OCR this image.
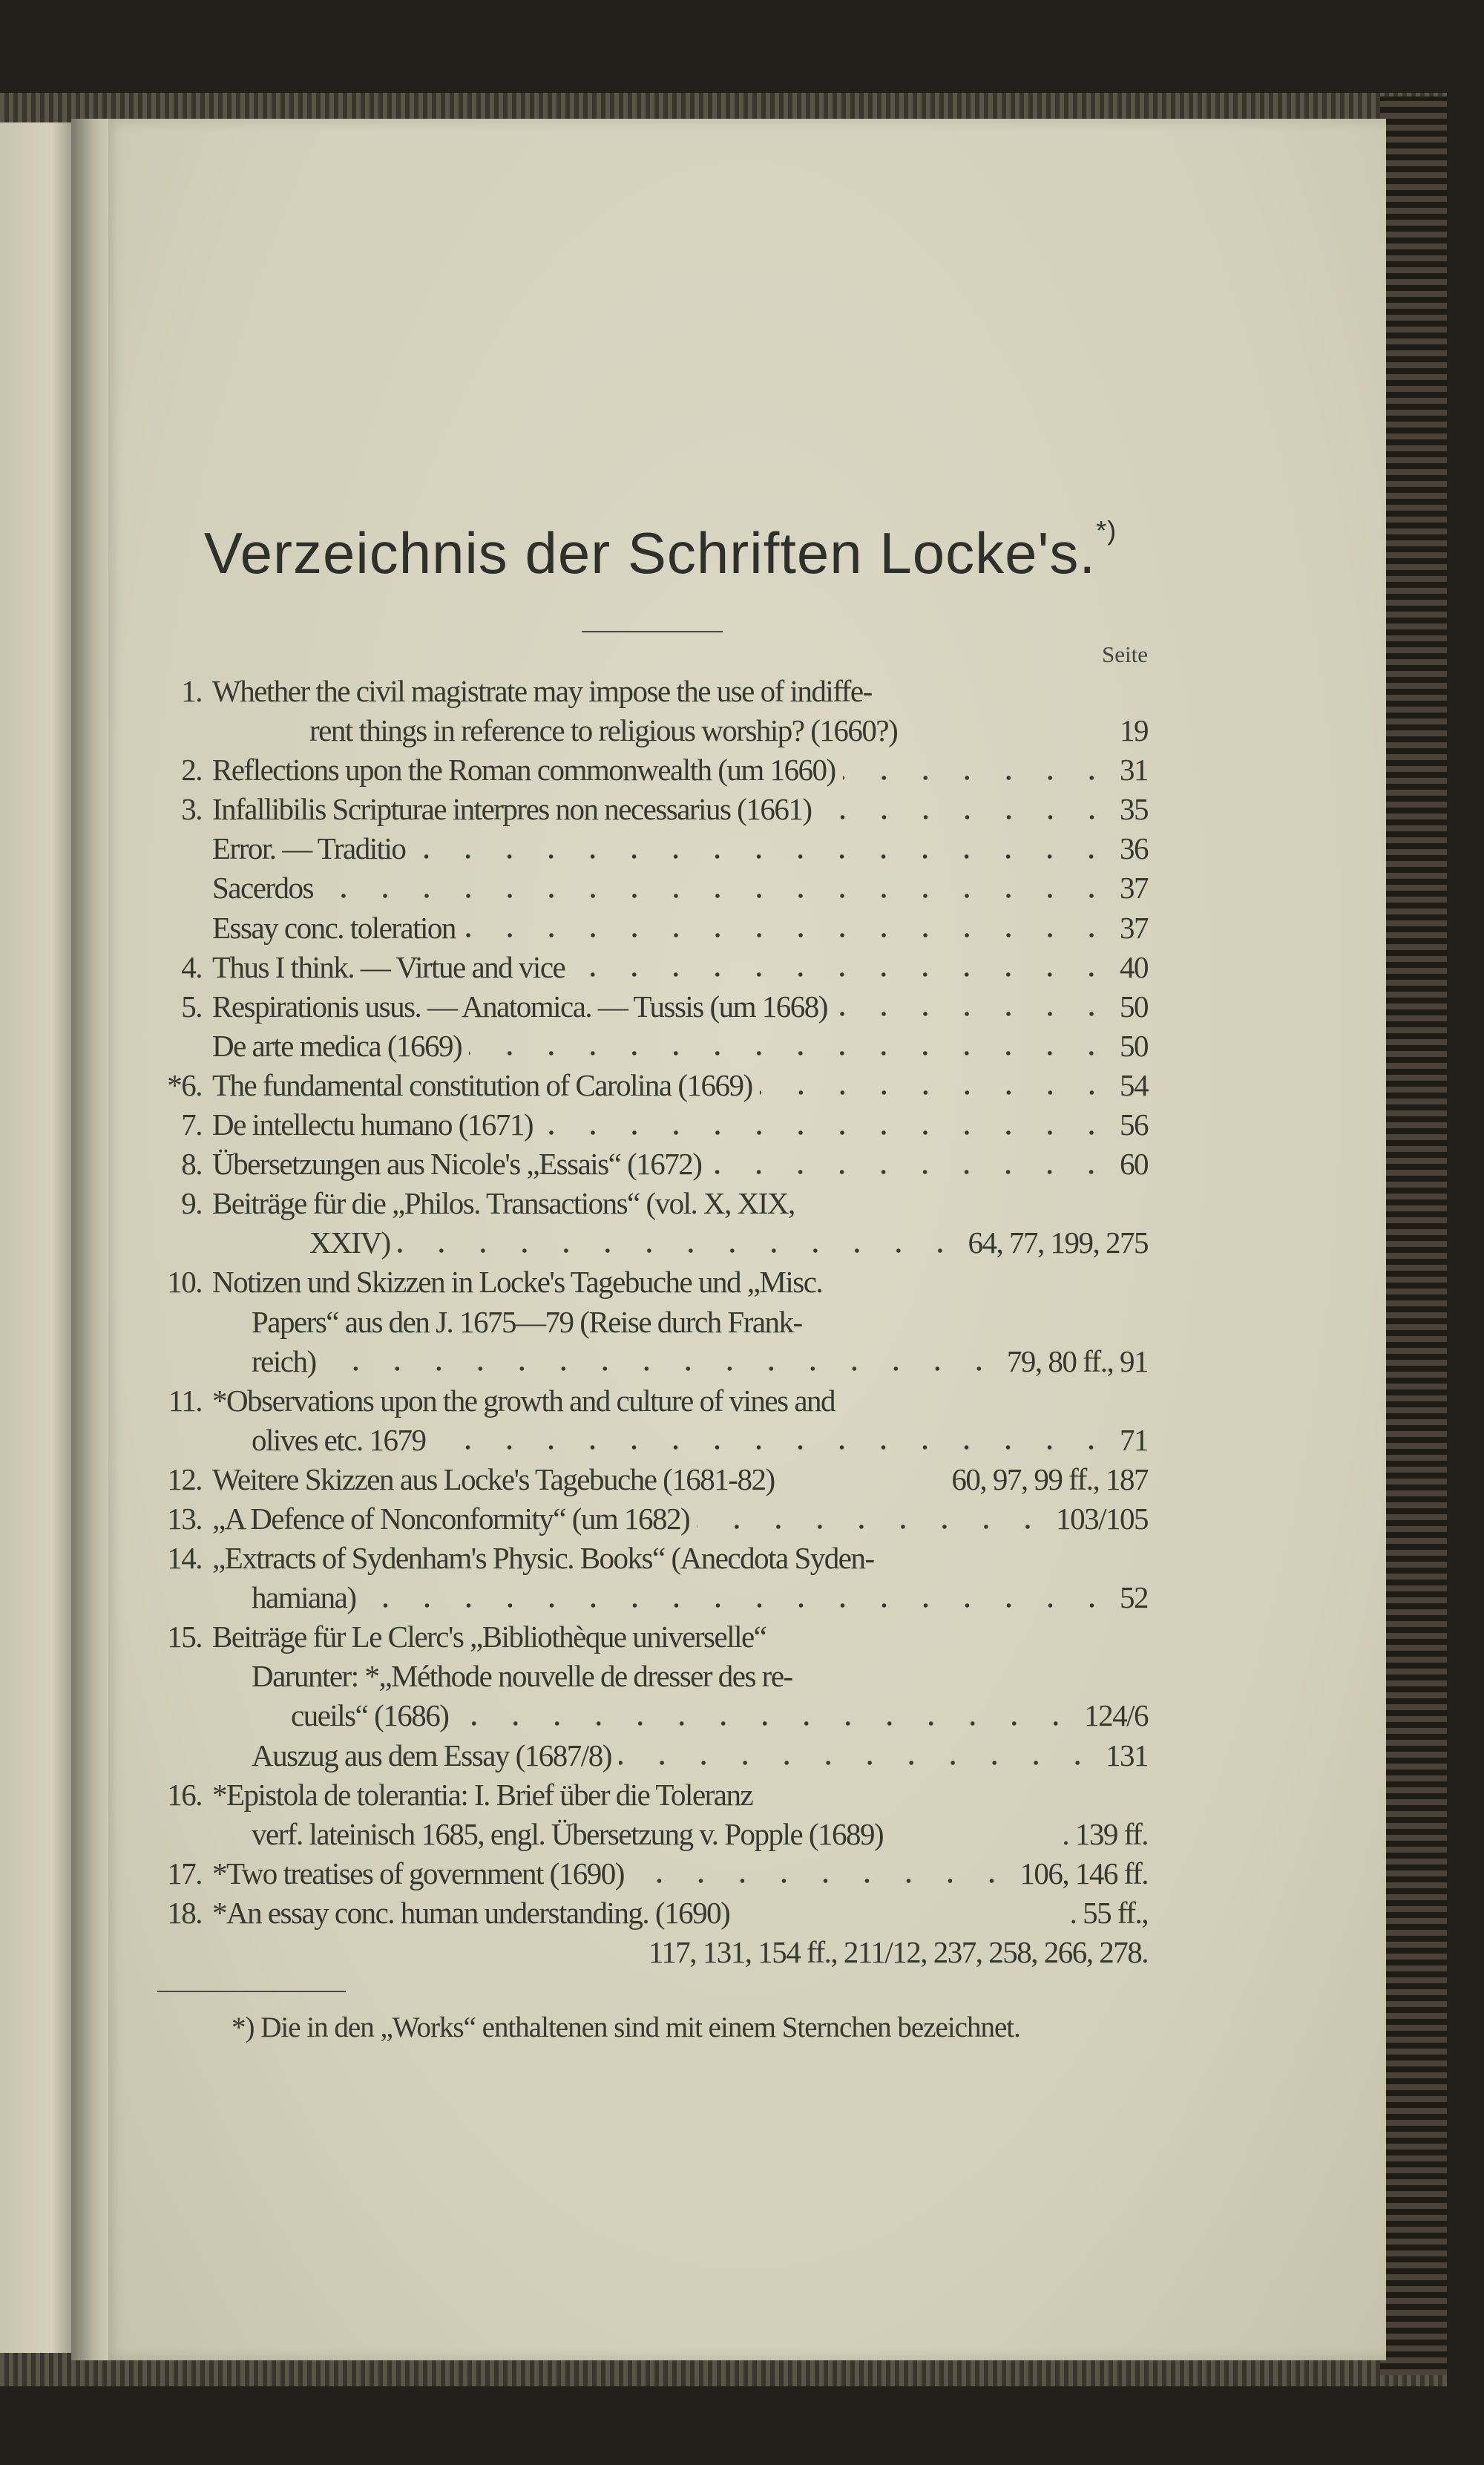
Verzeichnis der Schriften Locke's.*)
Seite
1. Whether the civil magistrate may impose the use of indiffe-
rent things in reference to religious worship? (1660?)	19
2. Reflections upon the Roman commonwealth (um 1660)	31
3. Infallibilis Scripturae interpres non necessarius (1661)	35
Error. — Traditio	36
Sacerdos	37
Essay conc. toleration	37
4. Thus I think. — Virtue and vice	40
5. Respirationis usus. — Anatomica. — Tussis (um 1668)	50
De arte medica (1669)	50
*6. The fundamental constitution of Carolina (1669)	54
7. De intellectu humano (1671)	56
8. Übersetzungen aus Nicole's „Essais“ (1672)	60
9. Beiträge für die „Philos. Transactions“ (vol. X, XIX,
XXIV)	64, 77, 199, 275
10. Notizen und Skizzen in Locke's Tagebuche und „Misc.
Papers“ aus den J. 1675—79 (Reise durch Frank-
reich)	79, 80 ff., 91
11. *Observations upon the growth and culture of vines and
olives etc. 1679	71
12. Weitere Skizzen aus Locke's Tagebuche (1681-82)	60, 97, 99 ff., 187
13. „A Defence of Nonconformity“ (um 1682)	103/105
14. „Extracts of Sydenham's Physic. Books“ (Anecdota Syden-
hamiana)	52
15. Beiträge für Le Clerc's „Bibliothèque universelle“
Darunter: *„Méthode nouvelle de dresser des re-
cueils“ (1686)	124/6
Auszug aus dem Essay (1687/8)	131
16. *Epistola de tolerantia: I. Brief über die Toleranz
verf. lateinisch 1685, engl. Übersetzung v. Popple (1689)	. 139 ff.
17. *Two treatises of government (1690)	106, 146 ff.
18. *An essay conc. human understanding. (1690)	. 55 ff.,
117, 131, 154 ff., 211/12, 237, 258, 266, 278.
*) Die in den „Works“ enthaltenen sind mit einem Sternchen bezeichnet.
